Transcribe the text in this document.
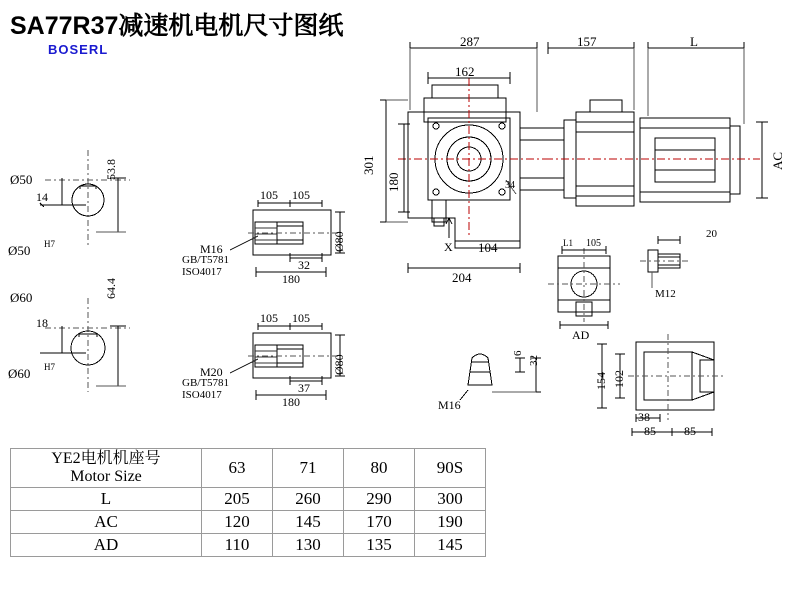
SA77R37减速机电机尺寸图纸
BOSERL
Ø50
Ø50 H7
53.8
14
Ø60
Ø60 H7
64.4
18
105 105
32
180
Ø80
M16
GB/T5781
ISO4017
105 105
37
180
Ø80
M20
GB/T5781
ISO4017
287
162
157	L
301
180	34
104
204
X
AC
L1 105
AD
20
M12
6
32
M16
154 102
38
85 85
YE2电机机座号
Motor Size	63	71	80	90S
L	205	260	290	300
AC	120	145	170	190
AD	110	130	135	145
